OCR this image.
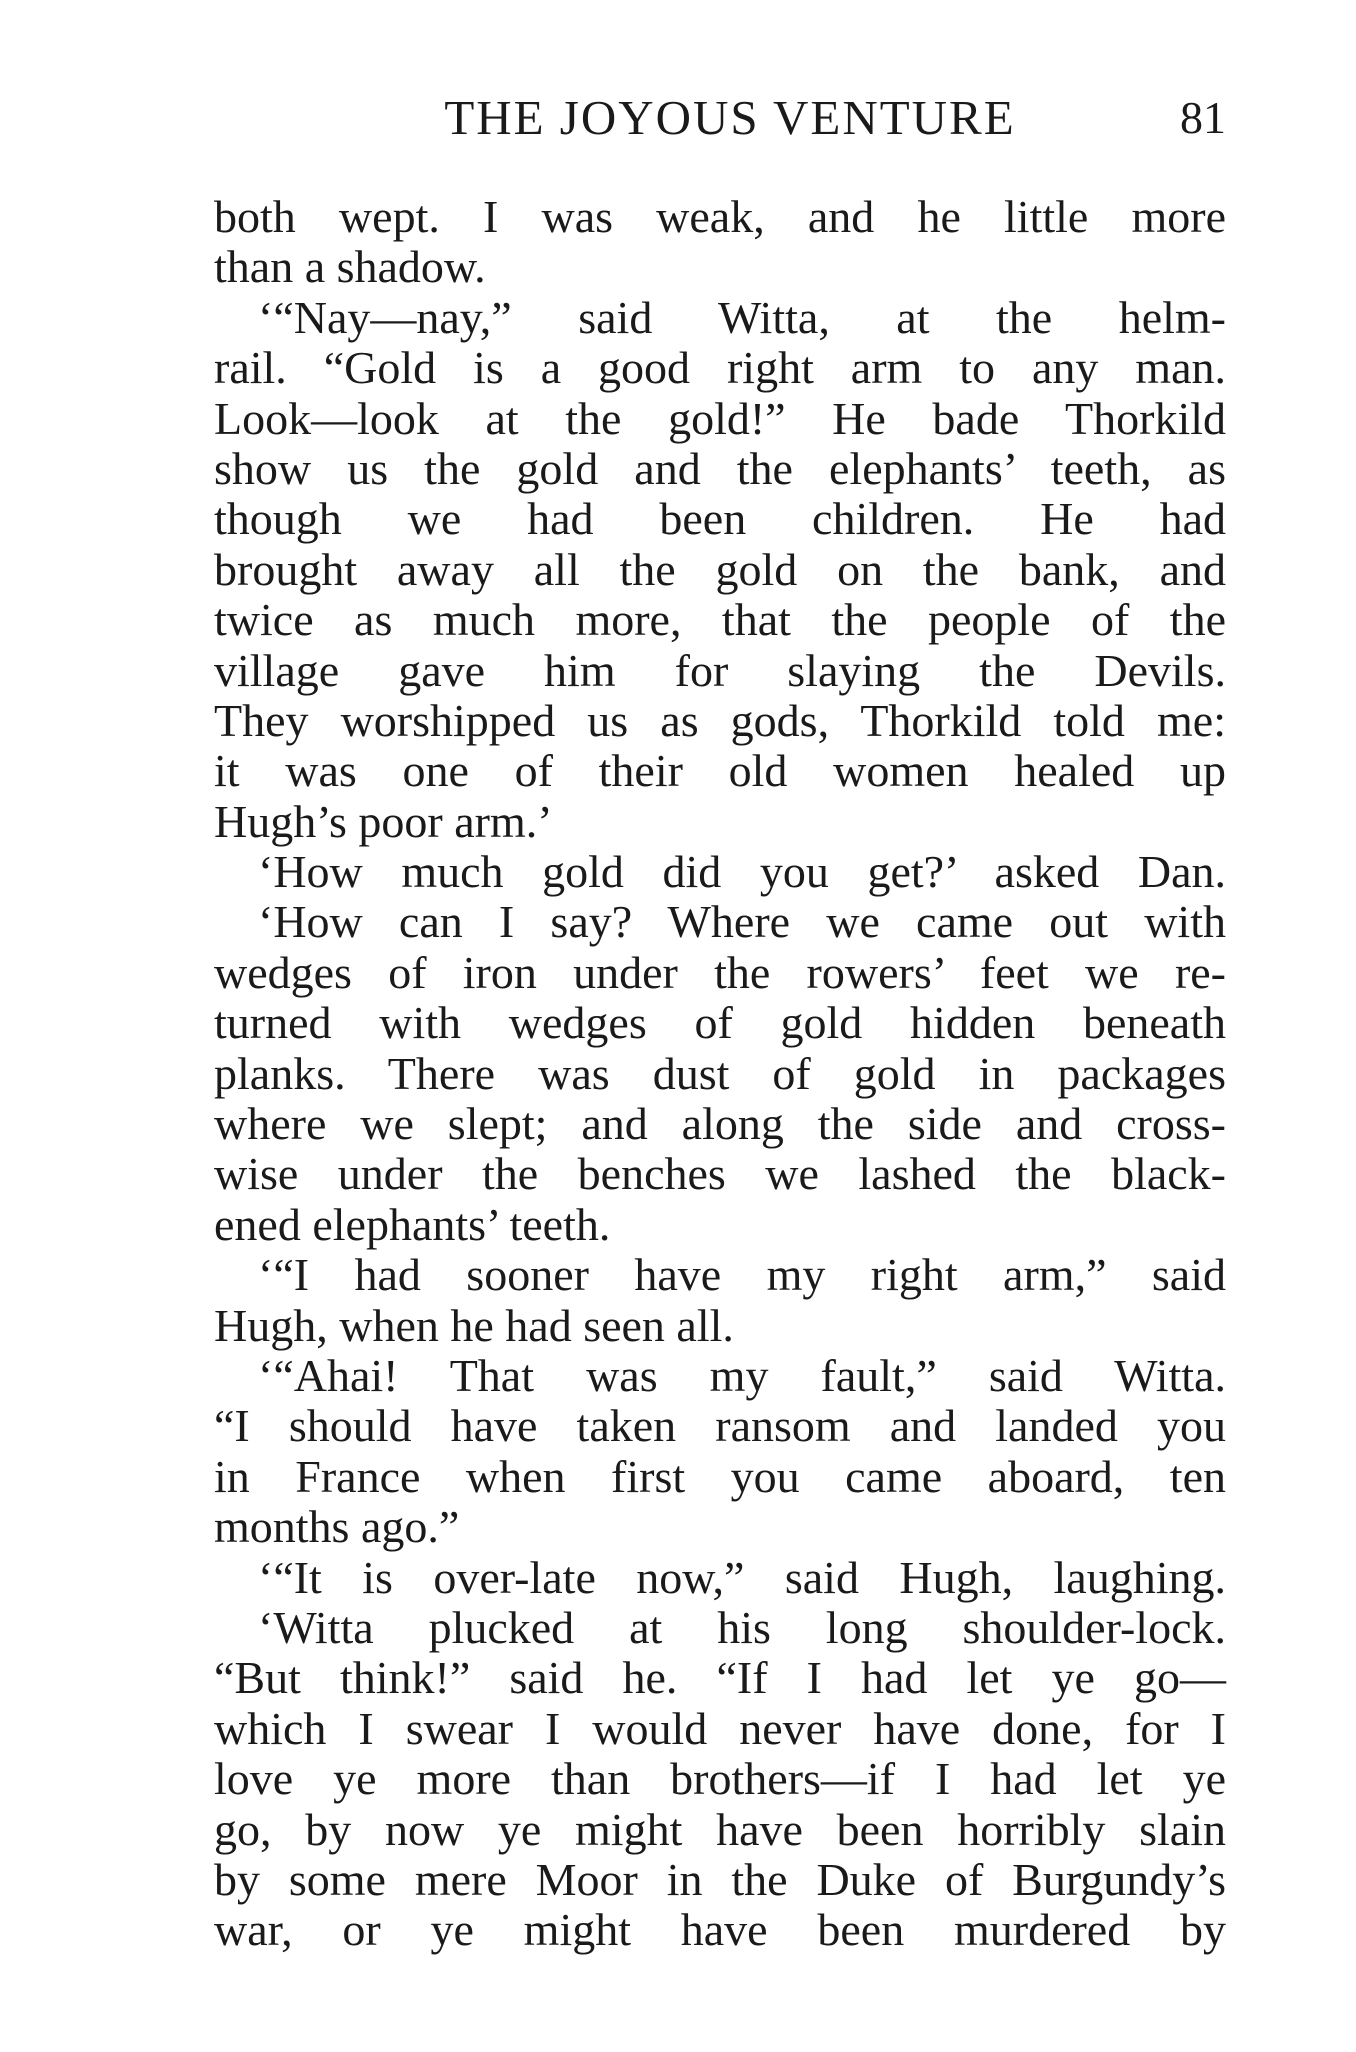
THE JOYOUS VENTURE	81
both wept. I was weak, and he little more
than a shadow.
‘“Nay—nay,” said Witta, at the helm-
rail. “Gold is a good right arm to any man.
Look—look at the gold!” He bade Thorkild
show us the gold and the elephants’ teeth, as
though we had been children. He had
brought away all the gold on the bank, and
twice as much more, that the people of the
village gave him for slaying the Devils.
They worshipped us as gods, Thorkild told me:
it was one of their old women healed up
Hugh’s poor arm.’
‘How much gold did you get?’ asked Dan.
‘How can I say? Where we came out with
wedges of iron under the rowers’ feet we re-
turned with wedges of gold hidden beneath
planks. There was dust of gold in packages
where we slept; and along the side and cross-
wise under the benches we lashed the black-
ened elephants’ teeth.
‘“I had sooner have my right arm,” said
Hugh, when he had seen all.
‘“Ahai! That was my fault,” said Witta.
“I should have taken ransom and landed you
in France when first you came aboard, ten
months ago.”
‘“It is over-late now,” said Hugh, laughing.
‘Witta plucked at his long shoulder-lock.
“But think!” said he. “If I had let ye go—
which I swear I would never have done, for I
love ye more than brothers—if I had let ye
go, by now ye might have been horribly slain
by some mere Moor in the Duke of Burgundy’s
war, or ye might have been murdered by
